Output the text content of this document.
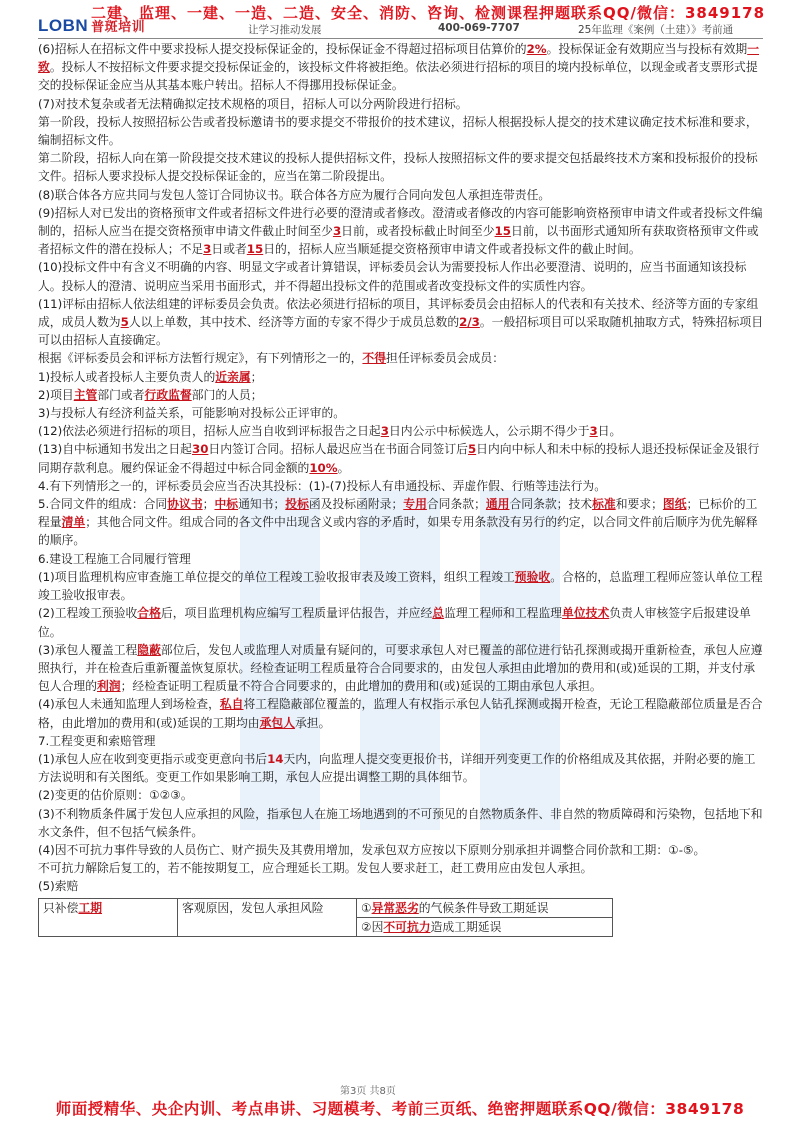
二建、监理、一建、一造、二造、安全、消防、咨询、检测课程押题联系QQ/微信：3849178
LOBN 普斑培训	让学习推动发展	400-069-7707	25年监理《案例（土建）》考前通

(6)招标人在招标文件中要求投标人提交投标保证金的，投标保证金不得超过招标项目估算价的2%。投标保证金有效期应当与投标有效期一致。投标人不按招标文件要求提交投标保证金的，该投标文件将被拒绝。依法必须进行招标的项目的境内投标单位，以现金或者支票形式提交的投标保证金应当从其基本账户转出。招标人不得挪用投标保证金。

(7)对技术复杂或者无法精确拟定技术规格的项目，招标人可以分两阶段进行招标。

第一阶段，投标人按照招标公告或者投标邀请书的要求提交不带报价的技术建议，招标人根据投标人提交的技术建议确定技术标准和要求，编制招标文件。

第二阶段，招标人向在第一阶段提交技术建议的投标人提供招标文件，投标人按照招标文件的要求提交包括最终技术方案和投标报价的投标文件。招标人要求投标人提交投标保证金的，应当在第二阶段提出。

(8)联合体各方应共同与发包人签订合同协议书。联合体各方应为履行合同向发包人承担连带责任。

(9)招标人对已发出的资格预审文件或者招标文件进行必要的澄清或者修改。澄清或者修改的内容可能影响资格预审申请文件或者投标文件编制的，招标人应当在提交资格预审申请文件截止时间至少3日前，或者投标截止时间至少15日前，以书面形式通知所有获取资格预审文件或者招标文件的潜在投标人；不足3日或者15日的，招标人应当顺延提交资格预审申请文件或者投标文件的截止时间。

(10)投标文件中有含义不明确的内容、明显文字或者计算错误，评标委员会认为需要投标人作出必要澄清、说明的，应当书面通知该投标人。投标人的澄清、说明应当采用书面形式，并不得超出投标文件的范围或者改变投标文件的实质性内容。

(11)评标由招标人依法组建的评标委员会负责。依法必须进行招标的项目，其评标委员会由招标人的代表和有关技术、经济等方面的专家组成，成员人数为5人以上单数，其中技术、经济等方面的专家不得少于成员总数的2/3。一般招标项目可以采取随机抽取方式，特殊招标项目可以由招标人直接确定。

根据《评标委员会和评标方法暂行规定》，有下列情形之一的，不得担任评标委员会成员：

1)投标人或者投标人主要负责人的近亲属；

2)项目主管部门或者行政监督部门的人员；

3)与投标人有经济利益关系，可能影响对投标公正评审的。

(12)依法必须进行招标的项目，招标人应当自收到评标报告之日起3日内公示中标候选人，公示期不得少于3日。

(13)自中标通知书发出之日起30日内签订合同。招标人最迟应当在书面合同签订后5日内向中标人和未中标的投标人退还投标保证金及银行同期存款利息。履约保证金不得超过中标合同金额的10%。

4.有下列情形之一的，评标委员会应当否决其投标：(1)-(7)投标人有串通投标、弄虚作假、行贿等违法行为。

5.合同文件的组成：合同协议书；中标通知书；投标函及投标函附录；专用合同条款；通用合同条款；技术标准和要求；图纸；已标价的工程量清单；其他合同文件。组成合同的各文件中出现含义或内容的矛盾时，如果专用条款没有另行的约定，以合同文件前后顺序为优先解释的顺序。

6.建设工程施工合同履行管理

(1)项目监理机构应审查施工单位提交的单位工程竣工验收报审表及竣工资料，组织工程竣工预验收。合格的，总监理工程师应签认单位工程竣工验收报审表。

(2)工程竣工预验收合格后，项目监理机构应编写工程质量评估报告，并应经总监理工程师和工程监理单位技术负责人审核签字后报建设单位。

(3)承包人覆盖工程隐蔽部位后，发包人或监理人对质量有疑问的，可要求承包人对已覆盖的部位进行钻孔探测或揭开重新检查，承包人应遵照执行，并在检查后重新覆盖恢复原状。经检查证明工程质量符合合同要求的，由发包人承担由此增加的费用和(或)延误的工期，并支付承包人合理的利润；经检查证明工程质量不符合合同要求的，由此增加的费用和(或)延误的工期由承包人承担。

(4)承包人未通知监理人到场检查，私自将工程隐蔽部位覆盖的，监理人有权指示承包人钻孔探测或揭开检查，无论工程隐蔽部位质量是否合格，由此增加的费用和(或)延误的工期均由承包人承担。

7.工程变更和索赔管理

(1)承包人应在收到变更指示或变更意向书后14天内，向监理人提交变更报价书，详细开列变更工作的价格组成及其依据，并附必要的施工方法说明和有关图纸。变更工作如果影响工期，承包人应提出调整工期的具体细节。

(2)变更的估价原则：①②③。

(3)不利物质条件属于发包人应承担的风险，指承包人在施工场地遇到的不可预见的自然物质条件、非自然的物质障碍和污染物，包括地下和水文条件，但不包括气候条件。

(4)因不可抗力事件导致的人员伤亡、财产损失及其费用增加，发承包双方应按以下原则分别承担并调整合同价款和工期：①-⑤。

不可抗力解除后复工的，若不能按期复工，应合理延长工期。发包人要求赶工，赶工费用应由发包人承担。

(5)索赔

只补偿工期	客观原因，发包人承担风险	①异常恶劣的气候条件导致工期延误
②因不可抗力造成工期延误
第3页 共8页
师面授精华、央企内训、考点串讲、习题模考、考前三页纸、绝密押题联系QQ/微信：3849178
